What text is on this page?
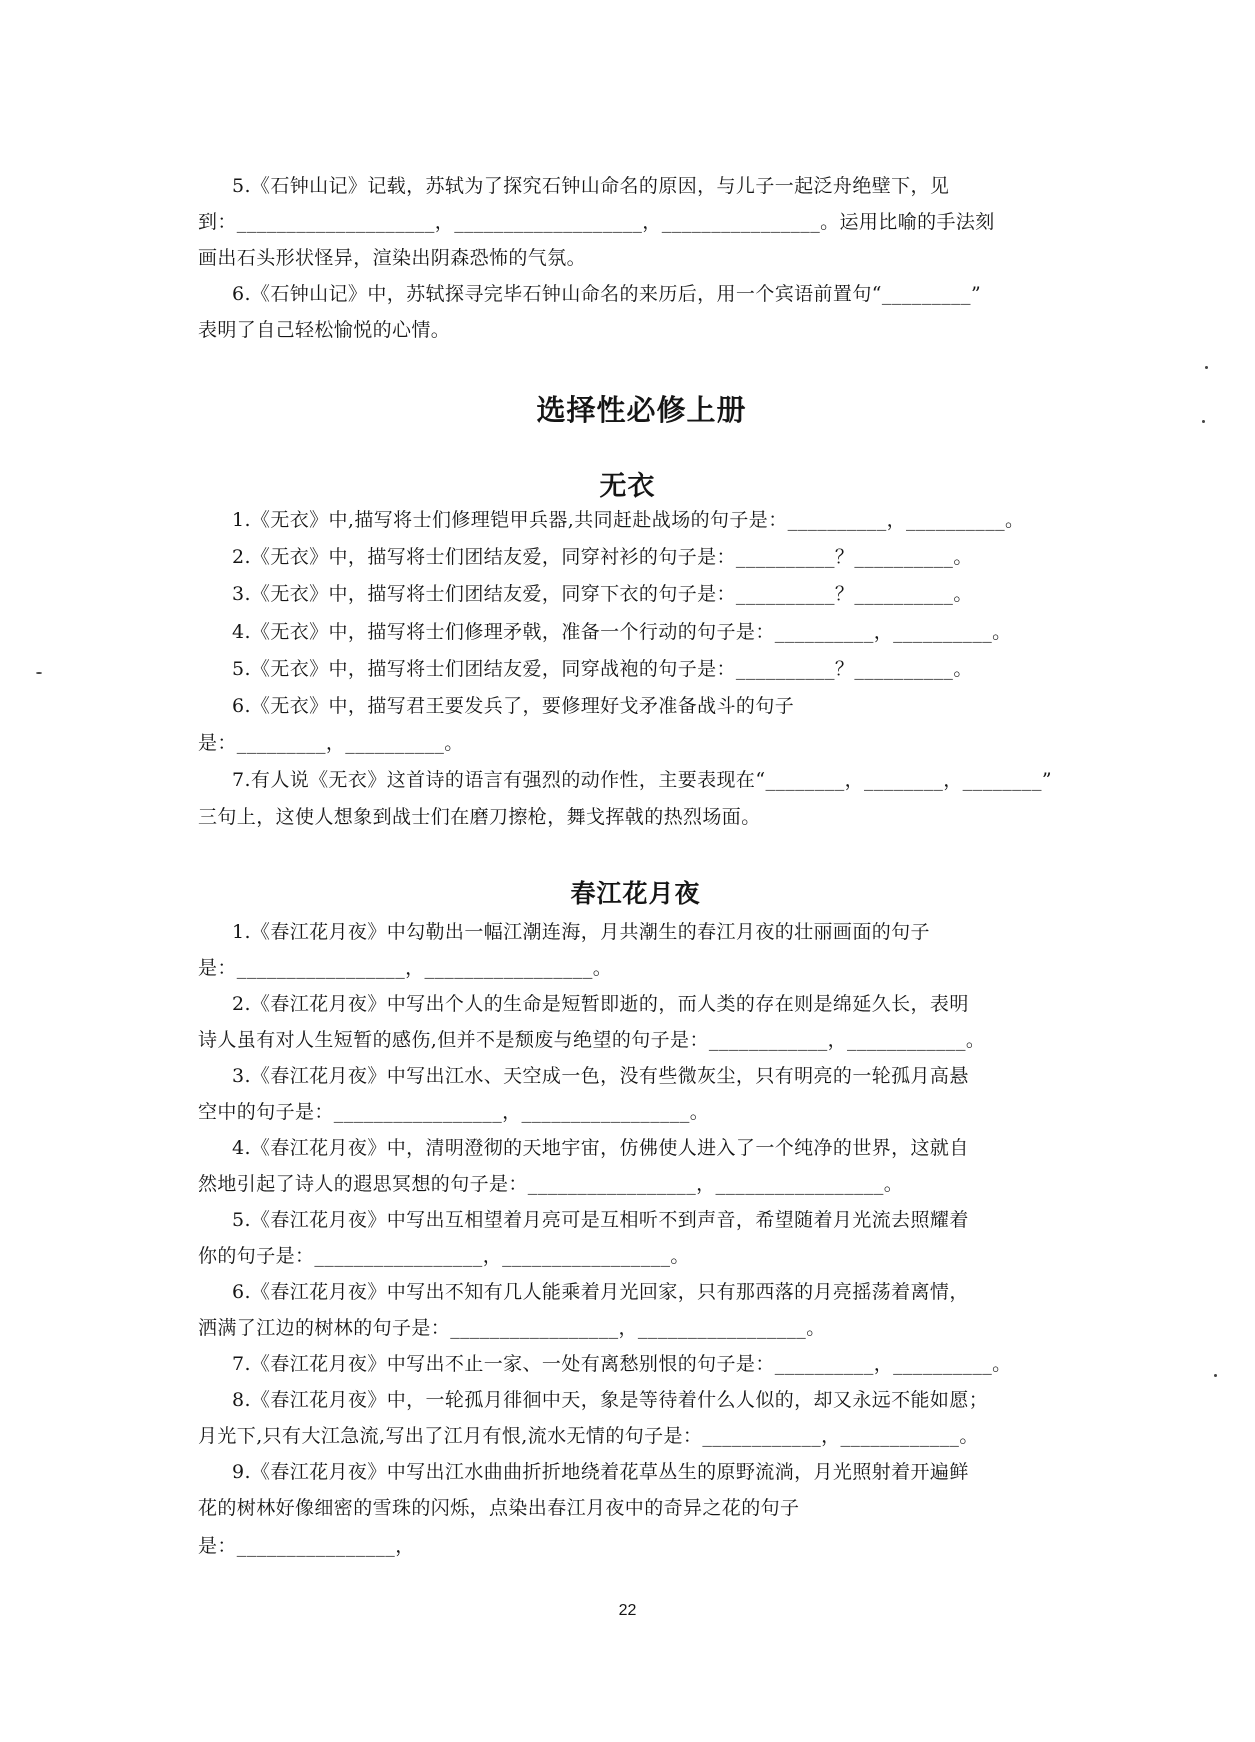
5.《石钟山记》记载，苏轼为了探究石钟山命名的原因，与儿子一起泛舟绝壁下，见
到：____________________，___________________，________________。运用比喻的手法刻
画出石头形状怪异，渲染出阴森恐怖的气氛。
6.《石钟山记》中，苏轼探寻完毕石钟山命名的来历后，用一个宾语前置句“_________”
表明了自己轻松愉悦的心情。
选择性必修上册
无衣
1.《无衣》中,描写将士们修理铠甲兵器,共同赶赴战场的句子是：__________，__________。
2.《无衣》中，描写将士们团结友爱，同穿衬衫的句子是：__________？__________。
3.《无衣》中，描写将士们团结友爱，同穿下衣的句子是：__________？__________。
4.《无衣》中，描写将士们修理矛戟，准备一个行动的句子是：__________，__________。
5.《无衣》中，描写将士们团结友爱，同穿战袍的句子是：__________？__________。
6.《无衣》中，描写君王要发兵了，要修理好戈矛准备战斗的句子
是：_________，__________。
7.有人说《无衣》这首诗的语言有强烈的动作性，主要表现在“________，________，________”
三句上，这使人想象到战士们在磨刀擦枪，舞戈挥戟的热烈场面。
春江花月夜
1.《春江花月夜》中勾勒出一幅江潮连海，月共潮生的春江月夜的壮丽画面的句子
是：_________________，_________________。
2.《春江花月夜》中写出个人的生命是短暂即逝的，而人类的存在则是绵延久长，表明
诗人虽有对人生短暂的感伤,但并不是颓废与绝望的句子是：____________，____________。
3.《春江花月夜》中写出江水、天空成一色，没有些微灰尘，只有明亮的一轮孤月高悬
空中的句子是：_________________，_________________。
4.《春江花月夜》中，清明澄彻的天地宇宙，仿佛使人进入了一个纯净的世界，这就自
然地引起了诗人的遐思冥想的句子是：_________________，_________________。
5.《春江花月夜》中写出互相望着月亮可是互相听不到声音，希望随着月光流去照耀着
你的句子是：_________________，_________________。
6.《春江花月夜》中写出不知有几人能乘着月光回家，只有那西落的月亮摇荡着离情，
洒满了江边的树林的句子是：_________________，_________________。
7.《春江花月夜》中写出不止一家、一处有离愁别恨的句子是：__________，__________。
8.《春江花月夜》中，一轮孤月徘徊中天，象是等待着什么人似的，却又永远不能如愿；
月光下,只有大江急流,写出了江月有恨,流水无情的句子是：____________，____________。
9.《春江花月夜》中写出江水曲曲折折地绕着花草丛生的原野流淌，月光照射着开遍鲜
花的树林好像细密的雪珠的闪烁，点染出春江月夜中的奇异之花的句子
是：________________，
22
